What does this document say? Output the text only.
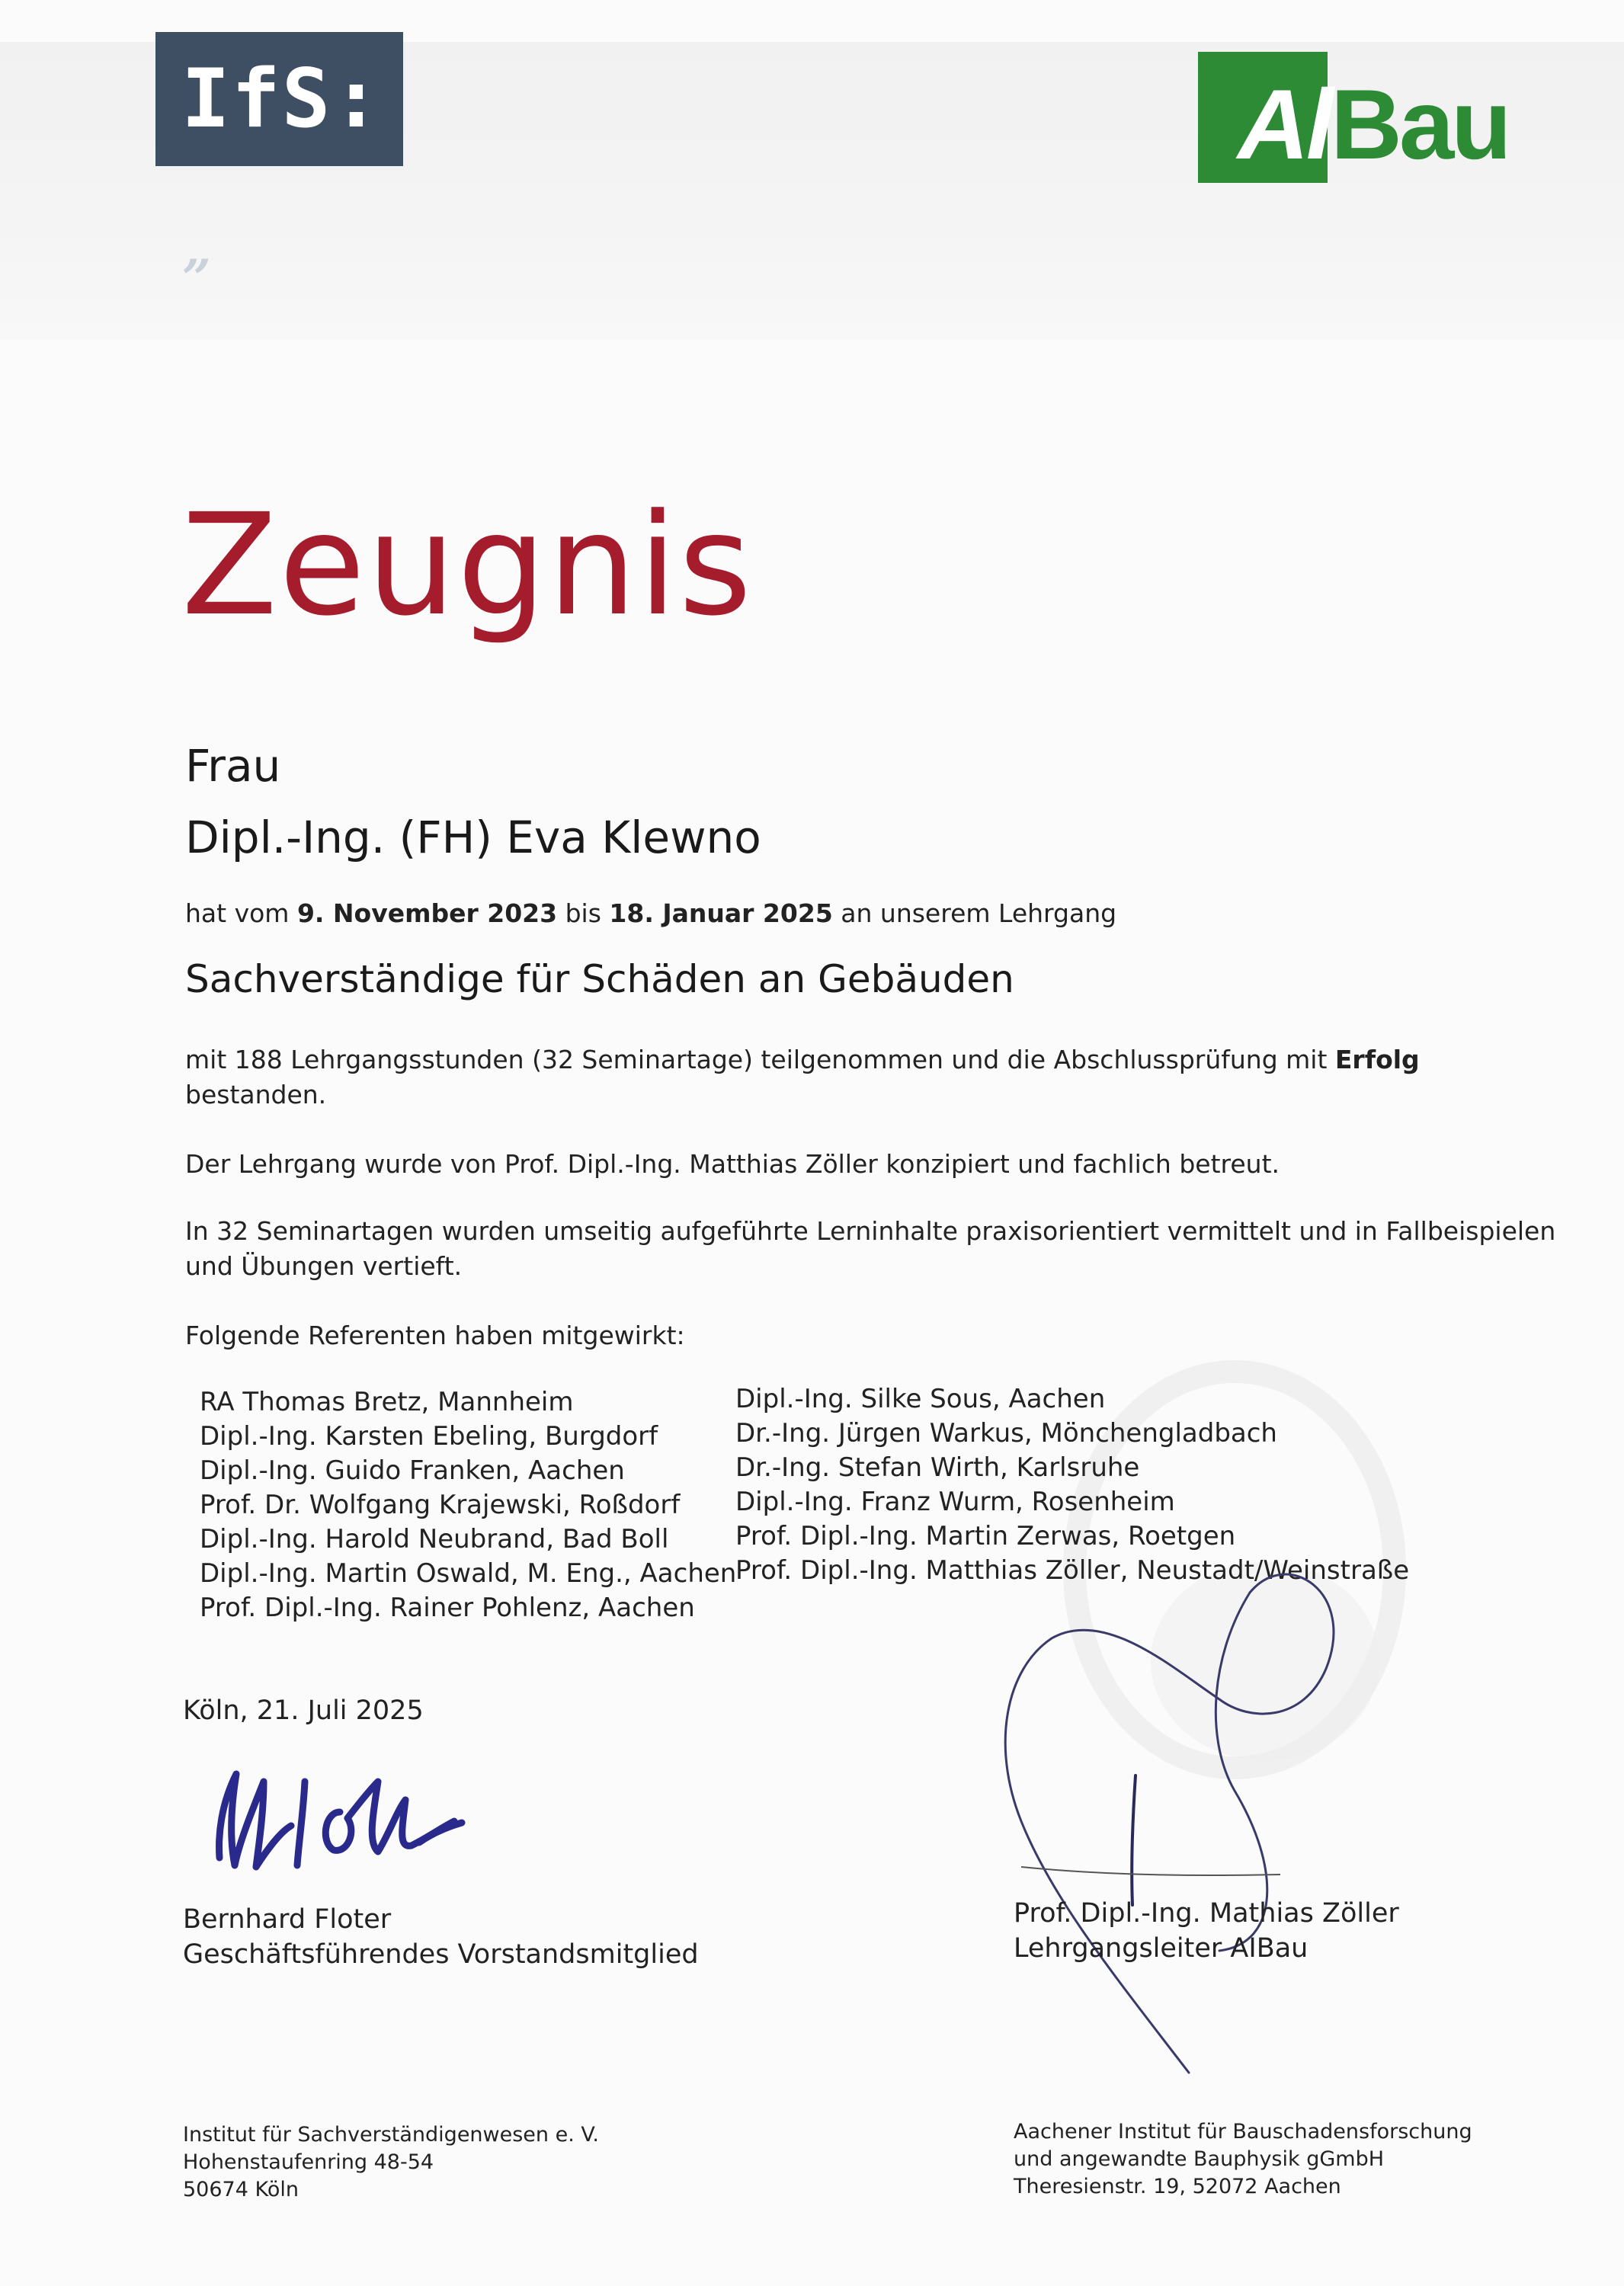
IfS:„
AlBau
Zeugnis
Frau
Dipl.-Ing. (FH) Eva Klewno
hat vom 9. November 2023 bis 18. Januar 2025 an unserem Lehrgang
Sachverständige für Schäden an Gebäuden
mit 188 Lehrgangsstunden (32 Seminartage) teilgenommen und die Abschlussprüfung mit Erfolg
bestanden.
Der Lehrgang wurde von Prof. Dipl.-Ing. Matthias Zöller konzipiert und fachlich betreut.
In 32 Seminartagen wurden umseitig aufgeführte Lerninhalte praxisorientiert vermittelt und in Fallbeispielen
und Übungen vertieft.
Folgende Referenten haben mitgewirkt:
RA Thomas Bretz, Mannheim
Dipl.-Ing. Karsten Ebeling, Burgdorf
Dipl.-Ing. Guido Franken, Aachen
Prof. Dr. Wolfgang Krajewski, Roßdorf
Dipl.-Ing. Harold Neubrand, Bad Boll
Dipl.-Ing. Martin Oswald, M. Eng., Aachen
Prof. Dipl.-Ing. Rainer Pohlenz, Aachen
Dipl.-Ing. Silke Sous, Aachen
Dr.-Ing. Jürgen Warkus, Mönchengladbach
Dr.-Ing. Stefan Wirth, Karlsruhe
Dipl.-Ing. Franz Wurm, Rosenheim
Prof. Dipl.-Ing. Martin Zerwas, Roetgen
Prof. Dipl.-Ing. Matthias Zöller, Neustadt/Weinstraße
Köln, 21. Juli 2025
Bernhard Floter
Geschäftsführendes Vorstandsmitglied
Prof. Dipl.-Ing. Mathias Zöller
Lehrgangsleiter AIBau
Institut für Sachverständigenwesen e. V.
Hohenstaufenring 48-54
50674 Köln
Aachener Institut für Bauschadensforschung
und angewandte Bauphysik gGmbH
Theresienstr. 19, 52072 Aachen
